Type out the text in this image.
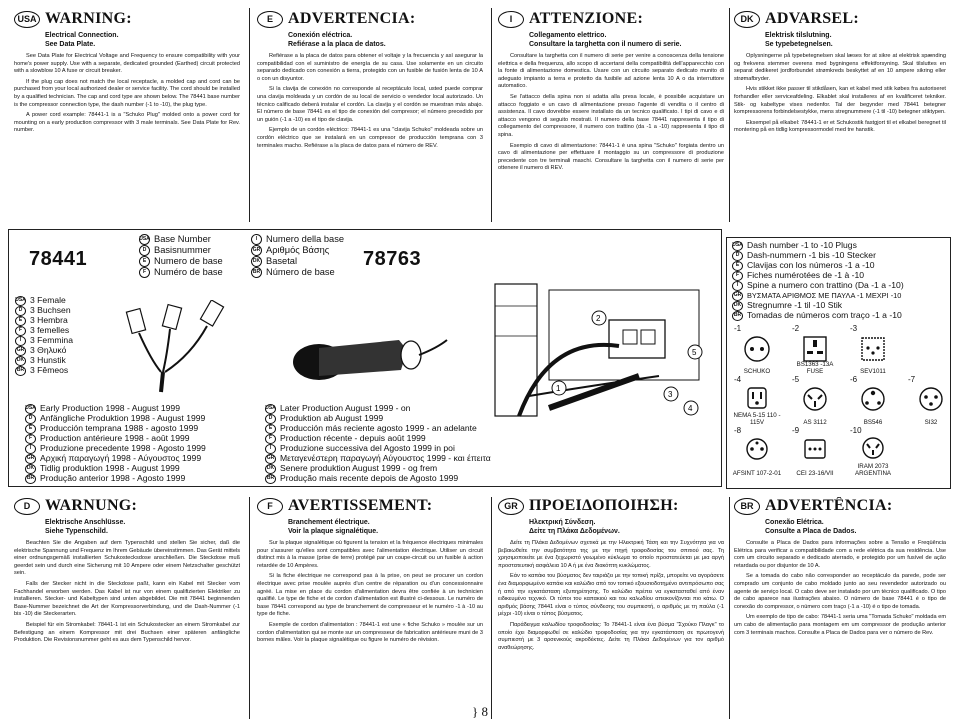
USA WARNING:
Electrical Connection.
See Data Plate.

See Data Plate for Electrical Voltage and Frequency to ensure compatibility with your home's power supply. Use with a separate, dedicated grounded (Earthed) circuit protected with a slowblow 10 A fuse or circuit breaker.

If the plug cap does not match the local receptacle, a molded cap and cord can be purchased from your local authorized dealer or service facility. The cord should be installed by a qualified technician. The cap and cord type are shown below. The 78441 base number is the compressor connection type, the dash number (-1 to -10), the plug type.

A power cord example: 78441-1 is a "Schuko Plug" molded onto a power cord for mounting on a early production compressor with 3 male terminals. See Data Plate for Rev. number.

E ADVERTENCIA:
Conexión eléctrica.
Refiérase a la placa de datos.

Refiérase a la placa de datos para obtener el voltaje y la frecuencia y así asegurar la compatibilidad con el suministro de energía de su casa. Use solamente en un circuito separado dedicado con conexión a tierra, protegido con un fusible de fusión lenta de 10 A o con un disyuntor.

Si la clavija de conexión no corresponde al receptáculo local, usted puede comprar una clavija moldeada y un cordón de su local de servicio o vendedor local autorizado. Un técnico calificado deberá instalar el cordón. La clavija y el cordón se muestran más abajo. El número de base 78441 es el tipo de conexión del compresor; el número precedido por un guión (-1 a -10) es el tipo de clavija.

Ejemplo de un cordón eléctrico: 78441-1 es una "clavija Schuko" moldeada sobre un cordón eléctrico que se instalará en un compresor de producción temprana con 3 terminales macho. Refiérase a la placa de datos para el número de REV.

I	ATTENZIONE:
Collegamento elettrico.
Consultare la targhetta con il numero di serie.

Consultare la targhetta con il numero di serie per venire a conoscenza della tensione elettrica e della frequenza, allo scopo di accertarsi della compatibilità dell'apparecchio con la fonte di alimentazione domestica. Usare con un circuito separato dedicato munito di adeguato impianto a terra e protetto da fusibile ad azione lenta 10 A o da interruttore automatico.

Se l'attacco della spina non si adatta alla presa locale, è possibile acquistare un attacco foggiato e un cavo di alimentazione presso l'agente di vendita o il centro di assistenza. Il cavo dovrebbe essere installato da un tecnico qualificato. I tipi di cavo e di attacco vengono di seguito mostrati. Il numero della base 78441 rappresenta il tipo di collegamento del compressore, il numero con trattino (da -1 a -10) rappresenta il tipo di spina.

Esempio di cavo di alimentazione: 78441-1 è una spina "Schuko" forgiata dentro un cavo di alimentazione per effettuare il montaggio su un compressore di produzione precedente con tre terminali maschi. Consultare la targhetta con il numero di serie per ottenere il numero di REV.

DK ADVARSEL:
Elektrisk tilslutning.
Se typebetegnelsen.

Oplysningerne på typebetegnelsen skal læses for at sikre at elektrisk spænding og frekvens stemmer overens med bygningens effektforsyning. Skal tilsluttes en separat dedikeret jordforbundet strømkreds beskyttet af en 10 ampere sikring eller strømafbryder.

Hvis stikket ikke passer til stikdåsen, kan et kabel med stik købes fra autoriseret forhandler eller serviceafdeling. Elkablet skal installeres af en kvalificeret tekniker. Stik- og kabeltype vises nedenfor. Tal der begynder med 78441 betegner kompressorens forbindelsestykke, mens stregnummere (-1 til -10) betegner stiktypen.

Eksempel på elkabel: 78441-1 er et Schukostik fastgjort til et elkabel beregnet til montering på en tidlig kompressormodel med tre hanstik.

78441
USA Base Number
D Basisnummer
E Numero de base
F Numéro de base
I Numero della base
GR Αριθμός Βάσης
DK Basetal
BR Número de base
78763
USA 3 Female
D 3 Buchsen
E 3 Hembra
F 3 femelles
I	3 Femmina
GR 3 Θηλυκό
DK 3 Hunstik
BR 3 Fêmeos
USA Early Production 1998 - August 1999
D Anfängliche Produktion 1998 - August 1999
E Producción temprana 1988 - agosto 1999
F Production antérieure 1998 - août 1999
I	Produzione precedente 1998 - Agosto 1999
GR Αρχική παραγωγή 1998 - Αύγουστος 1999
DK Tidlig produktion 1998 - August 1999
BR Produção anterior 1998 - Agosto 1999
USA Later Production August 1999 - on
D Produktion ab August 1999
E Producción más reciente agosto 1999 - an adelante
F Production récente - depuis août 1999
I	Produzione successiva del Agosto 1999 in poi
GR Μεταγενέστερη παραγωγή Αύγουστος 1999 - και έπειτα
DK Senere produktion August 1999 - og frem
BR Produção mais recente depois de Agosto 1999
2
1
3
4
5
USA Dash number -1 to -10 Plugs
D Dash-nummern -1 bis -10 Stecker
E Clavijas con los números -1 a -10
F Fiches numérotées de -1 à -10
I	Spine a numero con trattino (Da -1 a -10)
GR ΒΥΣΜΑΤΑ ΑΡΙΘΜΟΣ ΜΕ ΠΑΥΛΑ -1 ΜΕΧΡΙ -10
DK Stregnumre -1 til -10 Stik
BR Tomadas de números com traço -1 a -10
-1
SCHUKO
-2
BS1363 -13A FUSE
-3
SEV1011
-4
NEMA 5-15 110 - 115V
-5
AS 3112
-6
BS546
-7
SI32
-8
AFSINT 107-2-01
-9
CEI 23-16/VII
-10
IRAM 2073 ARGENTINA
D WARNUNG:
Elektrische Anschlüsse.
Siehe Typenschild.

Beachten Sie die Angaben auf dem Typenschild und stellen Sie sicher, daß die elektrische Spannung und Frequenz im Ihrem Gebäude übereinstimmen. Das Gerät mittels einer ordnungsgemäß installierten Schukostecksdose anschließen. Die Steckdose muß geerdet sein und durch eine Sicherung mit 10 Ampere oder einem Netzschalter geschützt sein.

Falls der Stecker nicht in die Steckdose paßt, kann ein Kabel mit Stecker vom Fachhandel erworben werden. Das Kabel ist nur von einem qualifizierten Elektriker zu installieren. Stecker- und Kabeltypen sind unten abgebildet. Die mit 78441 beginnenden Base-Nummer bezeichnet die Art der Kompressorverbindung, und die Dash-Nummer (-1 bis -10) die Steckerarten.

Beispiel für ein Stromkabel: 78441-1 ist ein Schukostecker an einem Stromkabel zur Befestigung an einem Kompressor mit drei Buchsen einer späteren anfängliche Produktion. Die Revisionsnummer geht es aus dem Typenschild hervor.

F AVERTISSEMENT:
Branchement électrique.
Voir la plaque signalétique.

Sur la plaque signalétique où figurent la tension et la fréquence électriques minimales pour s'assurer qu'elles sont compatibles avec l'alimentation électrique. Utiliser un circuit distinct mis à la masse (prise de terre) protégé par un coupe-circuit ou un fusible à action retardée de 10 Ampères.

Si la fiche électrique ne correspond pas à la prise, on peut se procurer un cordon électrique avec prise moulée auprès d'un centre de réparation ou d'un concessionnaire agréé. La mise en place du cordon d'alimentation devra être confiée à un technicien qualifié. Le type de fiche et de cordon d'alimentation est illustré ci-dessous. Le numéro de base 78441 correspond au type de branchement de compresseur et le numéro -1 à -10 au type de fiche.

Exemple de cordon d'alimentation : 78441-1 est une « fiche Schuko » moulée sur un cordon d'alimentation qui se monte sur un compresseur de fabrication antérieure muni de 3 bornes mâles. Voir la plaque signalétique ou figure le numéro de révision.

GR ΠΡΟΕΙΔΟΠΟΙΗΣΗ:
Ηλεκτρική Σύνδεση.
Δείτε τη Πλάκα Δεδομένων.

Δείτε τη Πλάκα Δεδομένων σχετικά με την Ηλεκτρική Τάση και την Συχνότητα για να βεβαιωθείτε την συμβατότητα της με την πηγή τροφοδοσίας του σπιτιού σας. Τη χρησιμοποιείτε με ένα ξεχωριστό γειωμένο κύκλωμα το οποίο προστατεύεται με μια αργή προστατευτική ασφάλεια 10 Α ή με ένα διακόπτη κυκλώματος.

Εάν το καπάκι του βύσματος δεν ταιριάζει με την τοπική πρίζα, μπορείτε να αγοράσετε ένα διαμορφωμένο καπάκι και καλώδιο από τον τοπικό εξουσιοδοτημένο αντιπρόσωπο σας ή από την εγκατάσταση εξυπηρέτησης. Το καλώδιο πρέπει να εγκατασταθεί από έναν ειδικευμένο τεχνικό. Οι τύποι του καπακιού και του καλωδίου απεικονίζονται πιο κάτω. Ο αριθμός βάσης 78441 είναι ο τύπος σύνδεσης του συμπιεστή, ο αριθμός με τη παύλα (-1 μέχρι -10) είναι ο τύπος βύσματος.

Παράδειγμα καλωδίου τροφοδοσίας: Το 78441-1 είναι ένα βύσμα "Σχούκο Πλαγκ" το οποίο έχει διαμορφωθεί σε καλώδιο τροφοδοσίας για την εγκατάσταση σε πρωτογενή συμπιεστή με 3 αρσενικούς ακροδέκτες. Δείτε τη Πλάκα Δεδομένων για τον αριθμό αναθεώρησης.

BR ADVERTÊNCIA:
Conexão Elétrica.
Consulte a Placa de Dados.

Consulte a Placa de Dados para informações sobre a Tensão e Freqüência Elétrica para verificar a compatibilidade com a rede elétrica da sua residência. Use com um circuito separado e dedicado aterrado, e protegido por um fusível de ação retardada ou por disjuntor de 10 A.

Se a tomada do cabo não corresponder ao receptáculo da parede, pode ser comprado um conjunto de cabo moldado junto ao seu revendedor autorizado ou agente de serviço local. O cabo deve ser instalado por um técnico qualificado. O tipo de cabo aparece nas ilustrações abaixo. O número de base 78441 é o tipo de conexão do compressor, o número com traço (-1 a -10) é o tipo de tomada.

Um exemplo de tipo de cabo: 78441-1 seria uma "Tomada Schuko" moldada em um cabo de alimentação para montagem em um compressor de produção anterior com 3 terminais machos. Consulte a Placa de Dados para ver o número de Rev.

} 8
